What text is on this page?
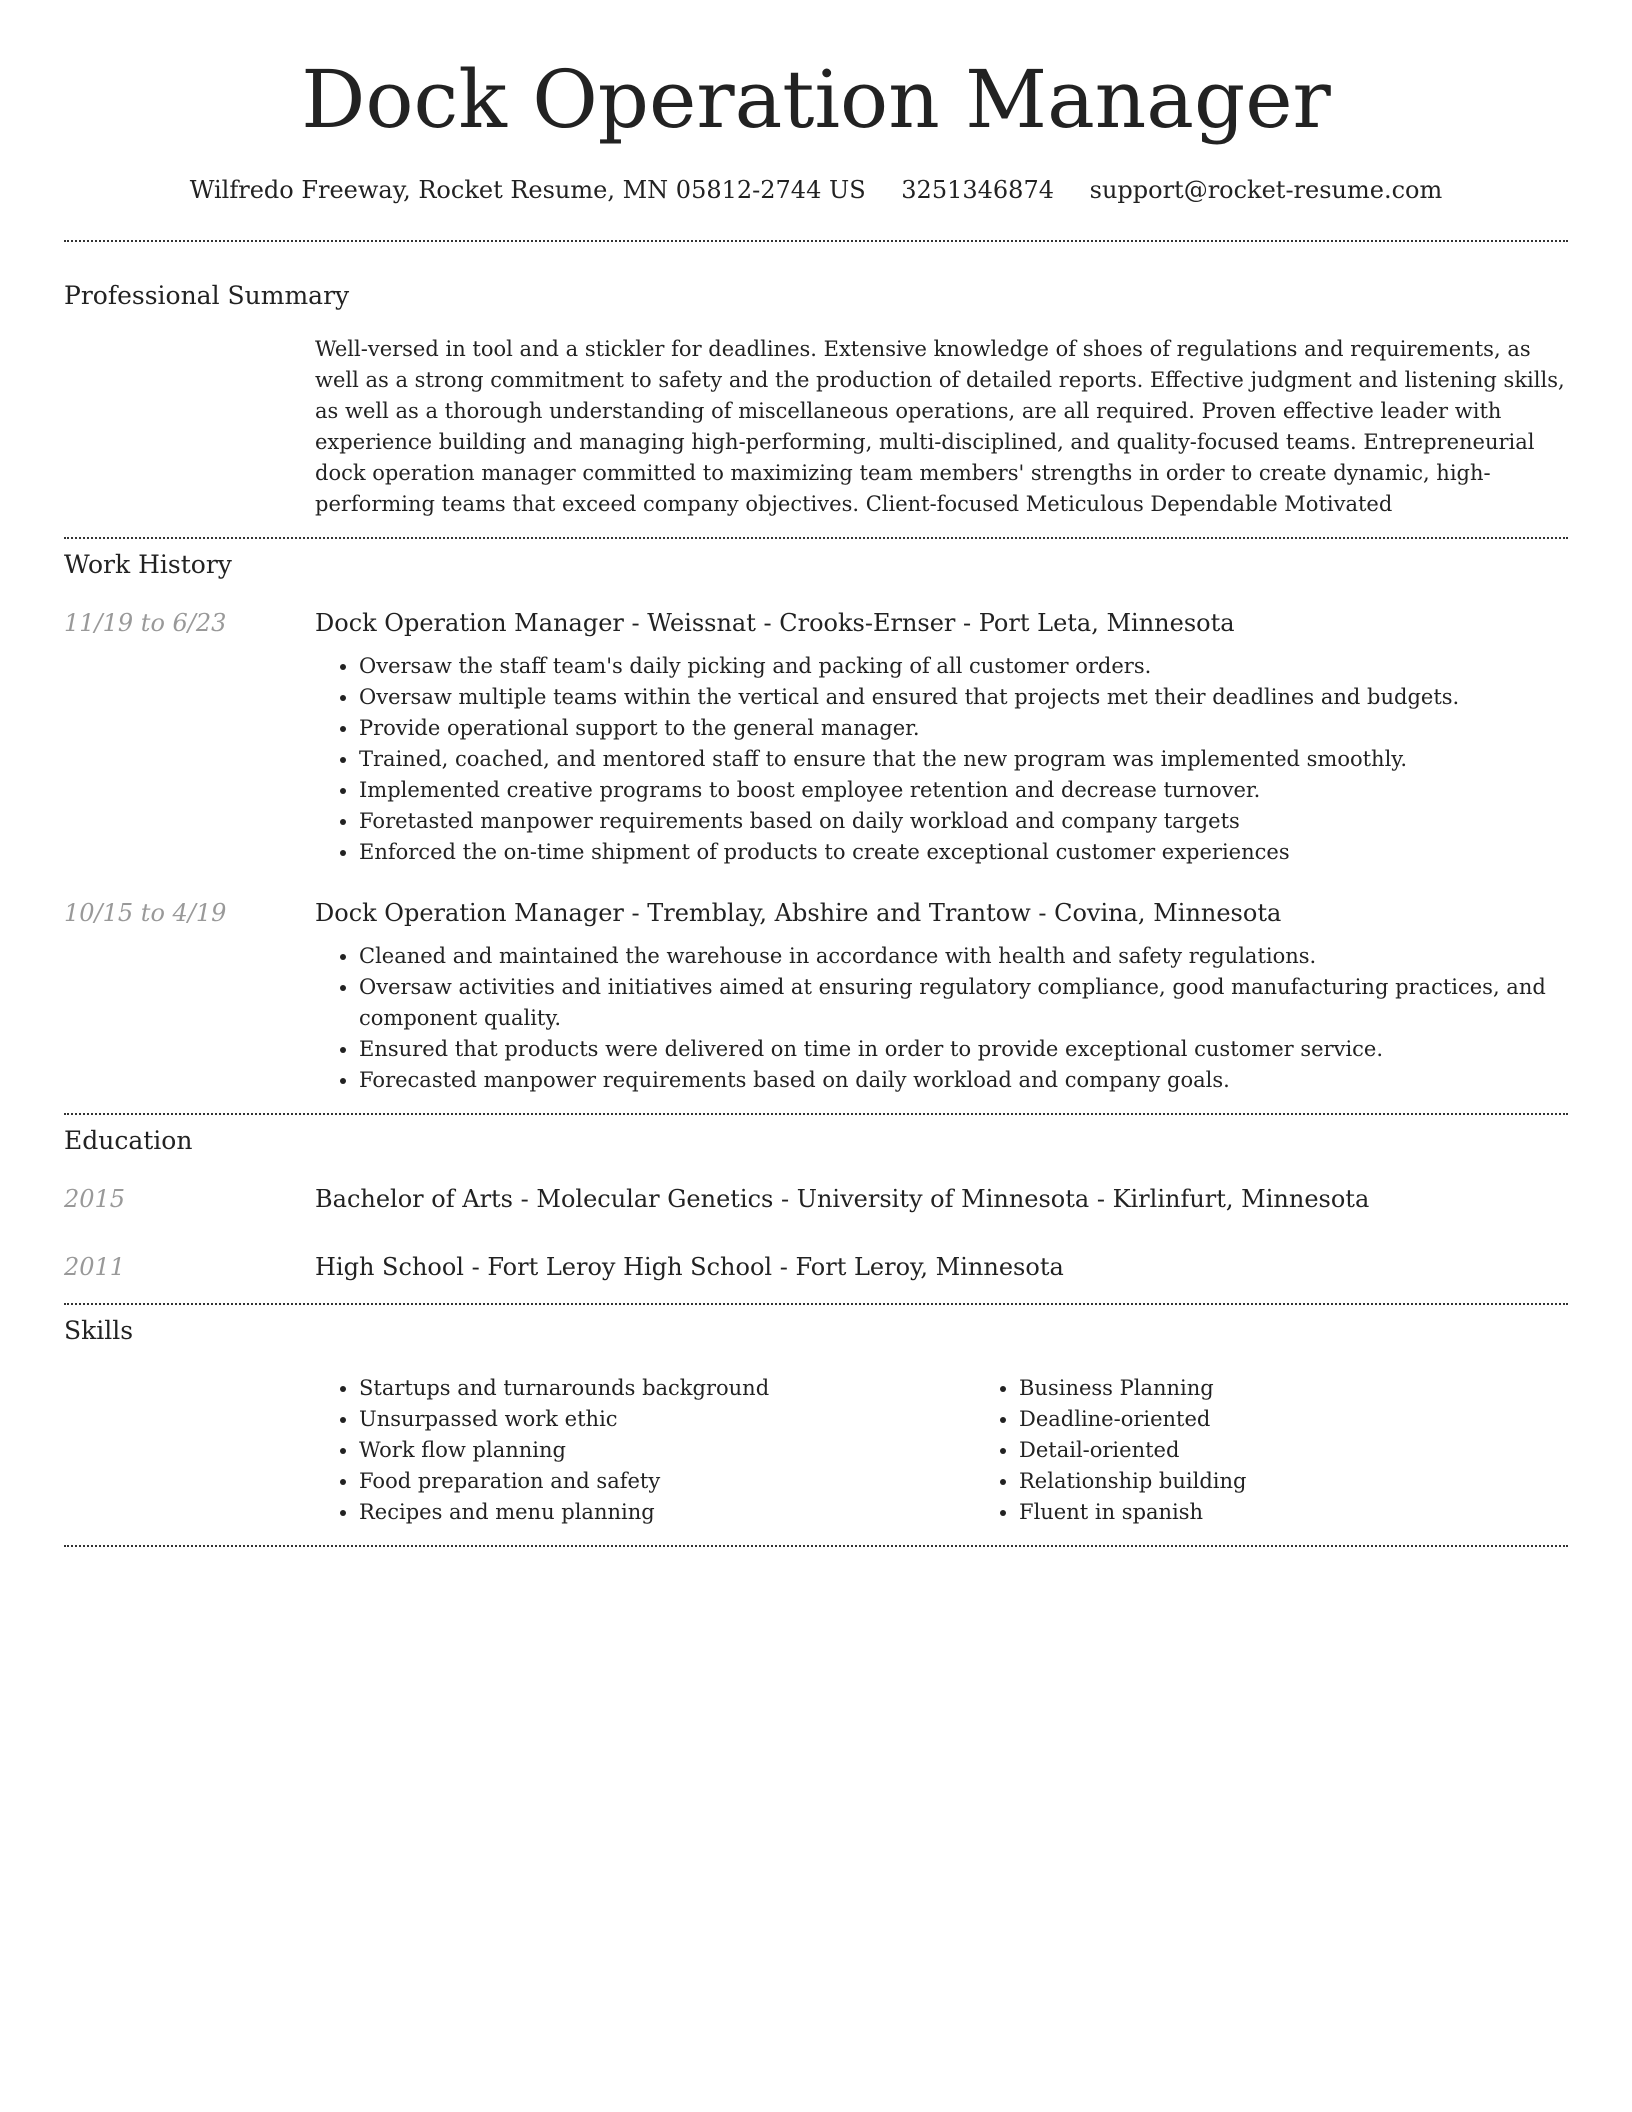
Dock Operation Manager
Wilfredo Freeway, Rocket Resume, MN 05812-2744 US 3251346874 support@rocket-resume.com
Professional Summary

Well-versed in tool and a stickler for deadlines. Extensive knowledge of shoes of regulations and requirements, as well as a strong commitment to safety and the production of detailed reports. Effective judgment and listening skills, as well as a thorough understanding of miscellaneous operations, are all required. Proven effective leader with experience building and managing high-performing, multi-disciplined, and quality-focused teams. Entrepreneurial dock operation manager committed to maximizing team members' strengths in order to create dynamic, high-performing teams that exceed company objectives. Client-focused Meticulous Dependable Motivated

Work History
11/19 to 6/23	Dock Operation Manager - Weissnat - Crooks-Ernser - Port Leta, Minnesota

• Oversaw the staff team's daily picking and packing of all customer orders.
• Oversaw multiple teams within the vertical and ensured that projects met their deadlines and budgets.
• Provide operational support to the general manager.
• Trained, coached, and mentored staff to ensure that the new program was implemented smoothly.
• Implemented creative programs to boost employee retention and decrease turnover.
• Foretasted manpower requirements based on daily workload and company targets
• Enforced the on-time shipment of products to create exceptional customer experiences
10/15 to 4/19	Dock Operation Manager - Tremblay, Abshire and Trantow - Covina, Minnesota

• Cleaned and maintained the warehouse in accordance with health and safety regulations.
• Oversaw activities and initiatives aimed at ensuring regulatory compliance, good manufacturing practices, and component quality.
• Ensured that products were delivered on time in order to provide exceptional customer service.
• Forecasted manpower requirements based on daily workload and company goals.
Education
2015	Bachelor of Arts - Molecular Genetics - University of Minnesota - Kirlinfurt, Minnesota

2011	High School - Fort Leroy High School - Fort Leroy, Minnesota

Skills
• Startups and turnarounds background
• Unsurpassed work ethic
• Work flow planning
• Food preparation and safety
• Recipes and menu planning
• Business Planning
• Deadline-oriented
• Detail-oriented
• Relationship building
• Fluent in spanish
